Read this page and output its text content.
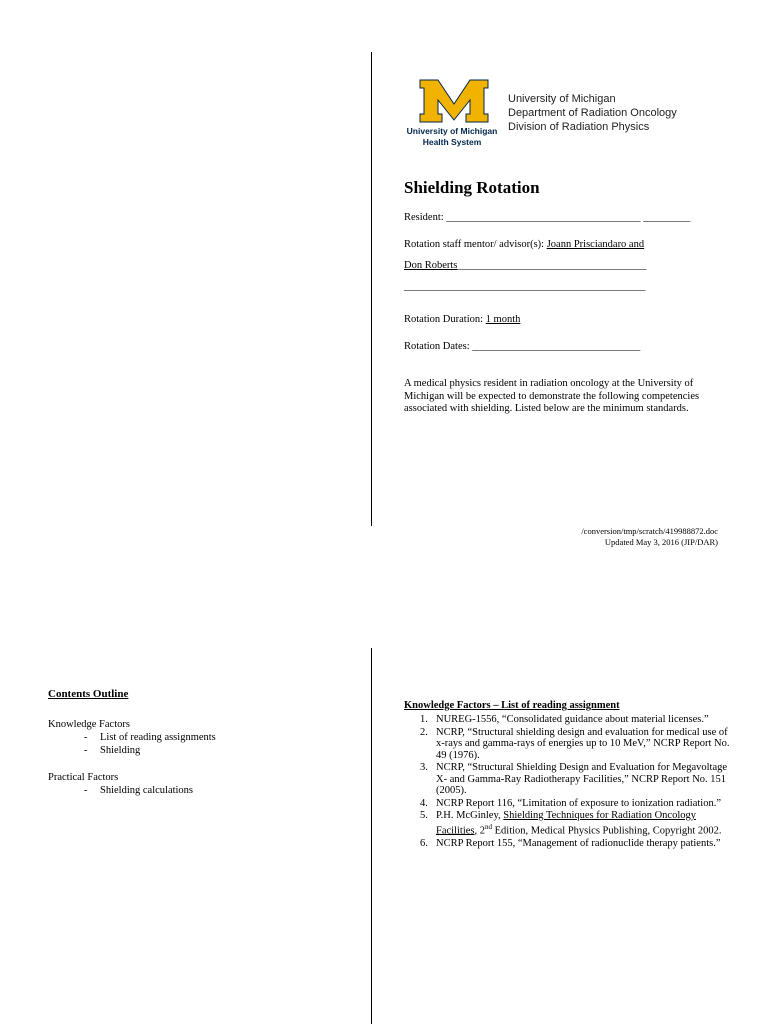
University of Michigan
Health System
University of Michigan
Department of Radiation Oncology
Division of Radiation Physics
Shielding Rotation
Resident: _____________________________________ _________
Rotation staff mentor/ advisor(s): Joann Prisciandaro and
Don Roberts____________________________________
______________________________________________
Rotation Duration: 1 month
Rotation Dates: ________________________________
A medical physics resident in radiation oncology at the University of Michigan will be expected to demonstrate the following competencies associated with shielding. Listed below are the minimum standards.
/conversion/tmp/scratch/419988872.doc
Updated May 3, 2016 (JIP/DAR)
Contents Outline
Knowledge Factors
-	List of reading assignments
-	Shielding
Practical Factors
-	Shielding calculations
Knowledge Factors – List of reading assignment
1. NUREG-1556, “Consolidated guidance about material licenses.”
2. NCRP, “Structural shielding design and evaluation for medical use of x-rays and gamma-rays of energies up to 10 MeV,” NCRP Report No. 49 (1976).
3. NCRP, “Structural Shielding Design and Evaluation for Megavoltage X- and Gamma-Ray Radiotherapy Facilities,” NCRP Report No. 151 (2005).
4. NCRP Report 116, “Limitation of exposure to ionization radiation.”
5. P.H. McGinley, Shielding Techniques for Radiation Oncology Facilities, 2nd Edition, Medical Physics Publishing, Copyright 2002.
6. NCRP Report 155, “Management of radionuclide therapy patients.”
